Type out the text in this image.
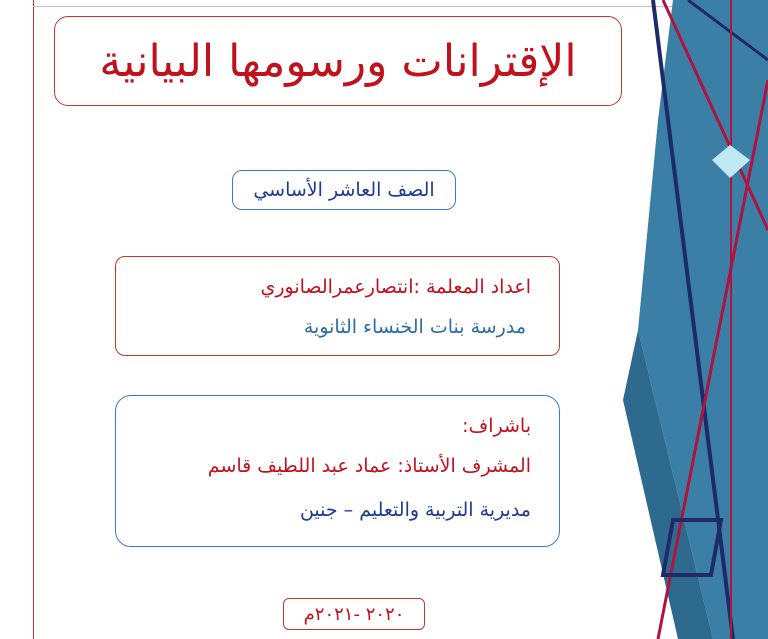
الإقترانات ورسومها البيانية
الصف العاشر الأساسي
اعداد المعلمة :انتصارعمرالصانوري
مدرسة بنات الخنساء الثانوية
باشراف:
المشرف الأستاذ: عماد عبد اللطيف قاسم
مديرية التربية والتعليم – جنين
٢٠٢٠ -٢٠٢١م
